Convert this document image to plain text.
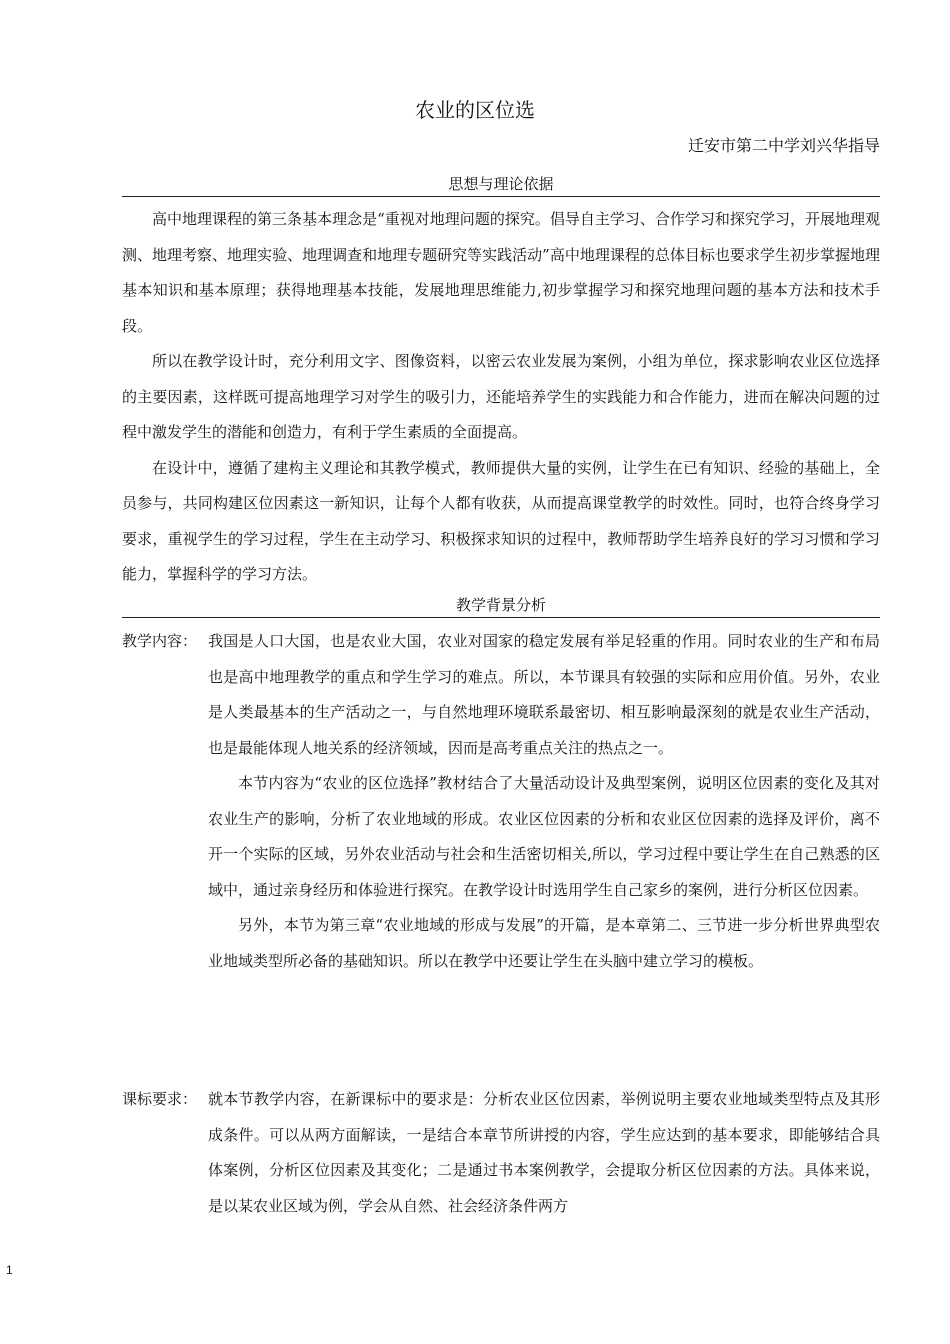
农业的区位选
迁安市第二中学刘兴华指导
思想与理论依据

高中地理课程的第三条基本理念是“重视对地理问题的探究。倡导自主学习、合作学习和探究学习，开展地理观测、地理考察、地理实验、地理调查和地理专题研究等实践活动”高中地理课程的总体目标也要求学生初步掌握地理基本知识和基本原理；获得地理基本技能，发展地理思维能力,初步掌握学习和探究地理问题的基本方法和技术手段。

所以在教学设计时，充分利用文字、图像资料，以密云农业发展为案例，小组为单位，探求影响农业区位选择的主要因素，这样既可提高地理学习对学生的吸引力，还能培养学生的实践能力和合作能力，进而在解决问题的过程中激发学生的潜能和创造力，有利于学生素质的全面提高。

在设计中，遵循了建构主义理论和其教学模式，教师提供大量的实例，让学生在已有知识、经验的基础上，全员参与，共同构建区位因素这一新知识，让每个人都有收获，从而提高课堂教学的时效性。同时，也符合终身学习要求，重视学生的学习过程，学生在主动学习、积极探求知识的过程中，教师帮助学生培养良好的学习习惯和学习能力，掌握科学的学习方法。

教学背景分析
教学内容： 我国是人口大国，也是农业大国，农业对国家的稳定发展有举足轻重的作用。同时农业的生产和布局也是高中地理教学的重点和学生学习的难点。所以，本节课具有较强的实际和应用价值。另外，农业是人类最基本的生产活动之一，与自然地理环境联系最密切、相互影响最深刻的就是农业生产活动，也是最能体现人地关系的经济领域，因而是高考重点关注的热点之一。

本节内容为“农业的区位选择”教材结合了大量活动设计及典型案例，说明区位因素的变化及其对农业生产的影响，分析了农业地域的形成。农业区位因素的分析和农业区位因素的选择及评价，离不开一个实际的区域，另外农业活动与社会和生活密切相关,所以，学习过程中要让学生在自己熟悉的区域中，通过亲身经历和体验进行探究。在教学设计时选用学生自己家乡的案例，进行分析区位因素。

另外，本节为第三章“农业地域的形成与发展”的开篇，是本章第二、三节进一步分析世界典型农业地域类型所必备的基础知识。所以在教学中还要让学生在头脑中建立学习的模板。

课标要求： 就本节教学内容，在新课标中的要求是：分析农业区位因素，举例说明主要农业地域类型特点及其形成条件。可以从两方面解读，一是结合本章节所讲授的内容，学生应达到的基本要求，即能够结合具体案例，分析区位因素及其变化；二是通过书本案例教学，会提取分析区位因素的方法。具体来说，是以某农业区域为例，学会从自然、社会经济条件两方

1
